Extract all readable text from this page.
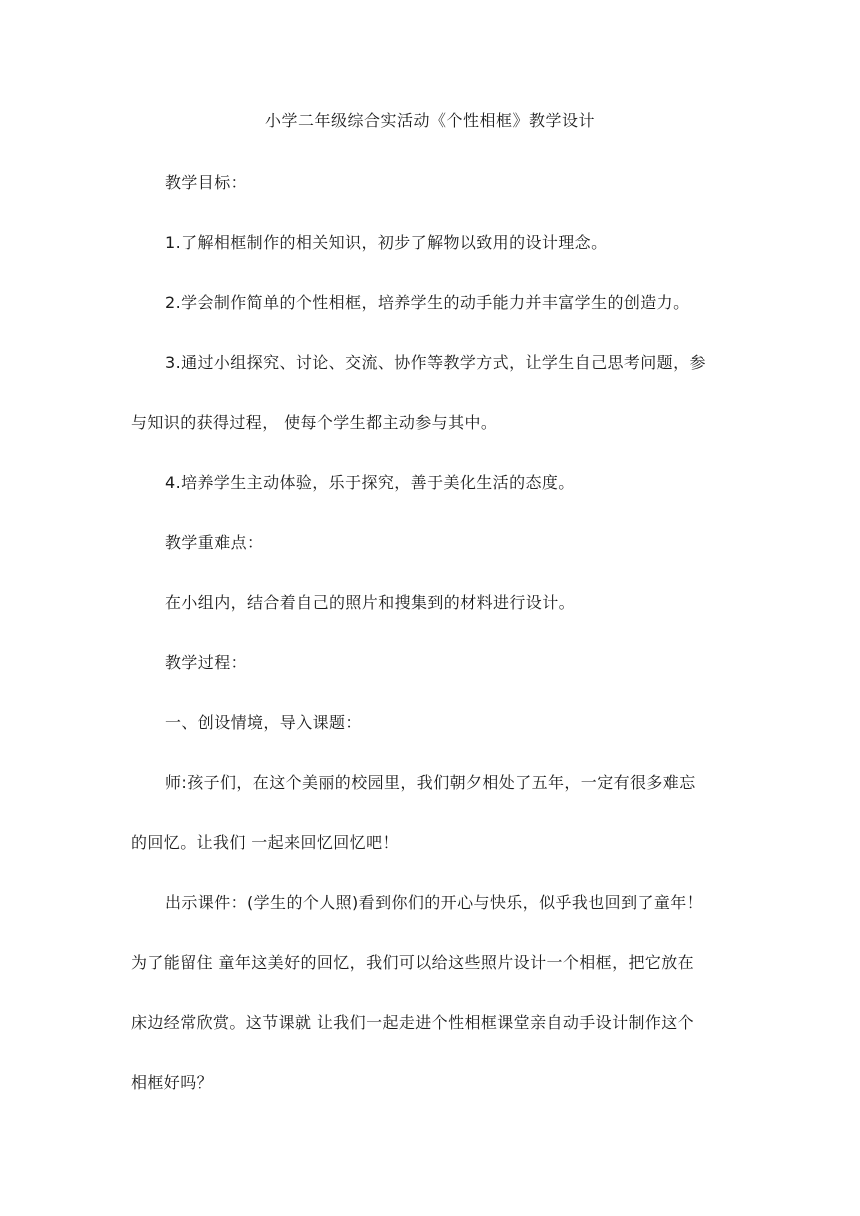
小学二年级综合实活动《个性相框》教学设计
教学目标：
1.了解相框制作的相关知识，初步了解物以致用的设计理念。
2.学会制作简单的个性相框，培养学生的动手能力并丰富学生的创造力。
3.通过小组探究、讨论、交流、协作等教学方式，让学生自己思考问题，参
与知识的获得过程， 使每个学生都主动参与其中。
4.培养学生主动体验，乐于探究，善于美化生活的态度。
教学重难点：
在小组内，结合着自己的照片和搜集到的材料进行设计。
教学过程：
一、创设情境，导入课题：
师:孩子们，在这个美丽的校园里，我们朝夕相处了五年，一定有很多难忘
的回忆。让我们 一起来回忆回忆吧！
出示课件：(学生的个人照)看到你们的开心与快乐，似乎我也回到了童年！
为了能留住 童年这美好的回忆，我们可以给这些照片设计一个相框，把它放在
床边经常欣赏。这节课就 让我们一起走进个性相框课堂亲自动手设计制作这个
相框好吗？
